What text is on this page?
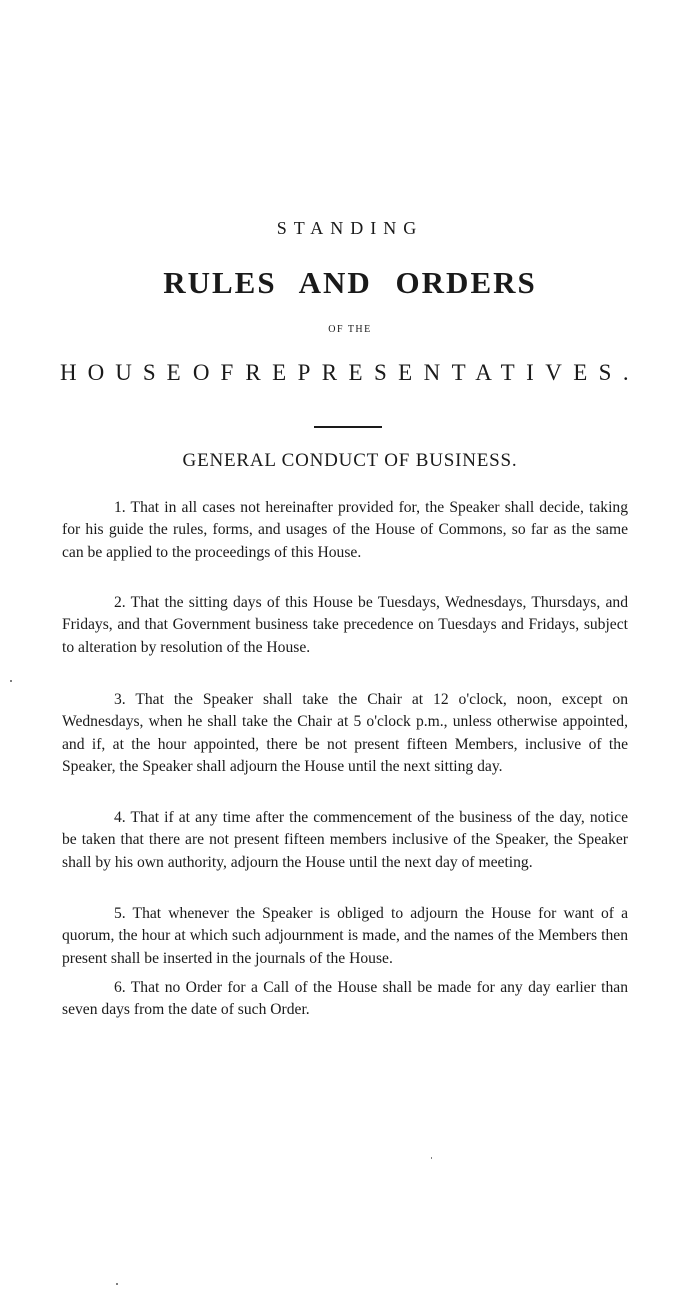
STANDING
RULES AND ORDERS
OF THE
HOUSE OF REPRESENTATIVES.
GENERAL CONDUCT OF BUSINESS.

1. That in all cases not hereinafter provided for, the Speaker shall decide, taking for his guide the rules, forms, and usages of the House of Commons, so far as the same can be applied to the proceedings of this House.

2. That the sitting days of this House be Tuesdays, Wednesdays, Thursdays, and Fridays, and that Government business take precedence on Tuesdays and Fridays, subject to alteration by resolution of the House.

3. That the Speaker shall take the Chair at 12 o'clock, noon, except on Wednesdays, when he shall take the Chair at 5 o'clock p.m., unless otherwise appointed, and if, at the hour appointed, there be not present fifteen Members, inclusive of the Speaker, the Speaker shall adjourn the House until the next sitting day.

4. That if at any time after the commencement of the business of the day, notice be taken that there are not present fifteen members inclusive of the Speaker, the Speaker shall by his own authority, adjourn the House until the next day of meeting.

5. That whenever the Speaker is obliged to adjourn the House for want of a quorum, the hour at which such adjournment is made, and the names of the Members then present shall be inserted in the journals of the House.

6. That no Order for a Call of the House shall be made for any day earlier than seven days from the date of such Order.
